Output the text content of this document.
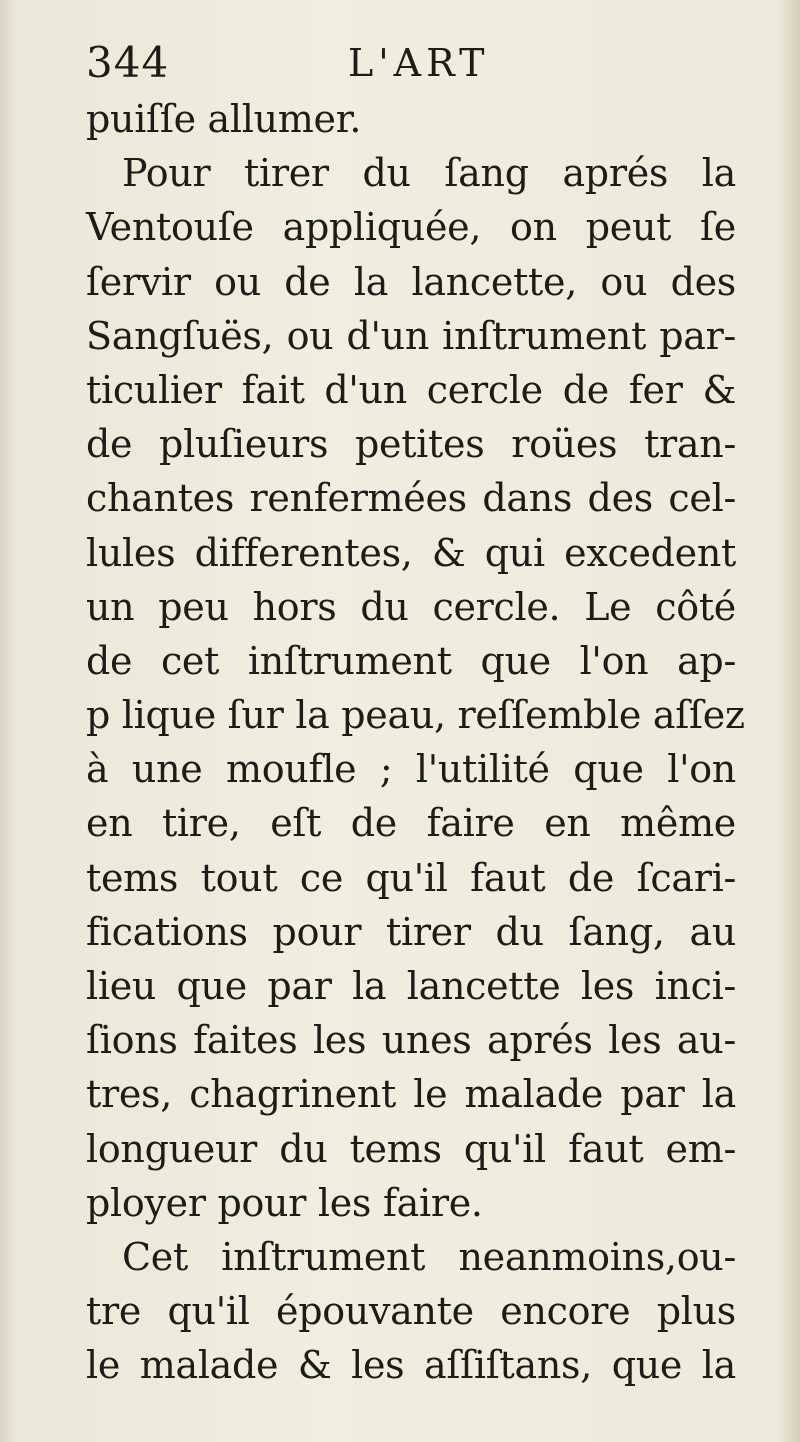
344	L'ART
puiſſe allumer.
Pour tirer du ſang aprés la
Ventouſe appliquée, on peut ſe
ſervir ou de la lancette, ou des
Sangſuës, ou d'un inſtrument par-
ticulier fait d'un cercle de fer &
de pluſieurs petites roües tran-
chantes renfermées dans des cel-
lules differentes, & qui excedent
un peu hors du cercle. Le côté
de cet inſtrument que l'on ap-
p lique ſur la peau, reſſemble aſſez
à une moufle ; l'utilité que l'on
en tire, eſt de faire en même
tems tout ce qu'il faut de ſcari-
fications pour tirer du ſang, au
lieu que par la lancette les inci-
ſions faites les unes aprés les au-
tres, chagrinent le malade par la
longueur du tems qu'il faut em-
ployer pour les faire.
Cet inſtrument neanmoins,ou-
tre qu'il épouvante encore plus
le malade & les aſſiſtans, que la
